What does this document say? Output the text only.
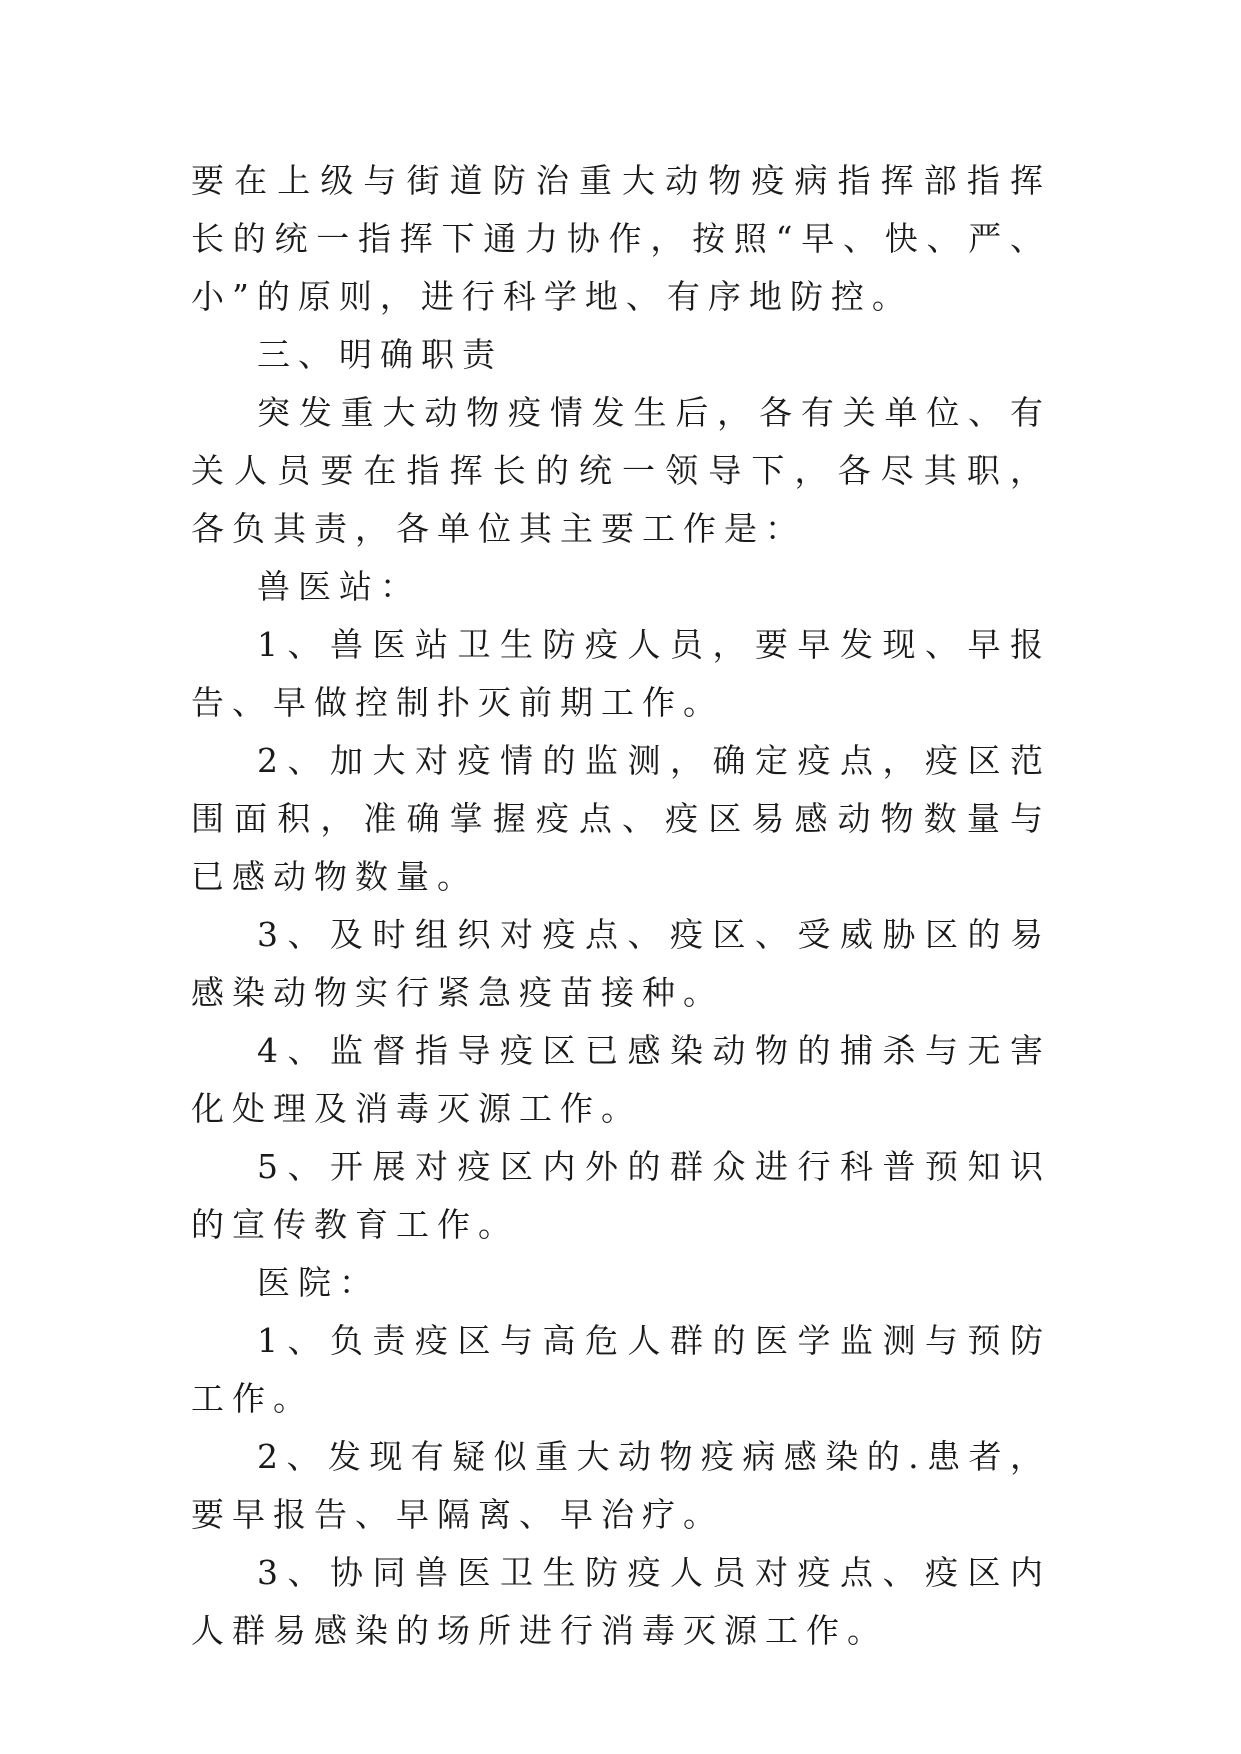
要在上级与街道防治重大动物疫病指挥部指挥长的统一指挥下通力协作，按照“早、快、严、小”的原则，进行科学地、有序地防控。

三、明确职责

突发重大动物疫情发生后，各有关单位、有关人员要在指挥长的统一领导下，各尽其职，各负其责，各单位其主要工作是：

兽医站：

1、兽医站卫生防疫人员，要早发现、早报告、早做控制扑灭前期工作。

2、加大对疫情的监测，确定疫点，疫区范围面积，准确掌握疫点、疫区易感动物数量与已感动物数量。

3、及时组织对疫点、疫区、受威胁区的易感染动物实行紧急疫苗接种。

4、监督指导疫区已感染动物的捕杀与无害化处理及消毒灭源工作。

5、开展对疫区内外的群众进行科普预知识的宣传教育工作。

医院：

1、负责疫区与高危人群的医学监测与预防工作。

2、发现有疑似重大动物疫病感染的.患者，要早报告、早隔离、早治疗。

3、协同兽医卫生防疫人员对疫点、疫区内人群易感染的场所进行消毒灭源工作。
